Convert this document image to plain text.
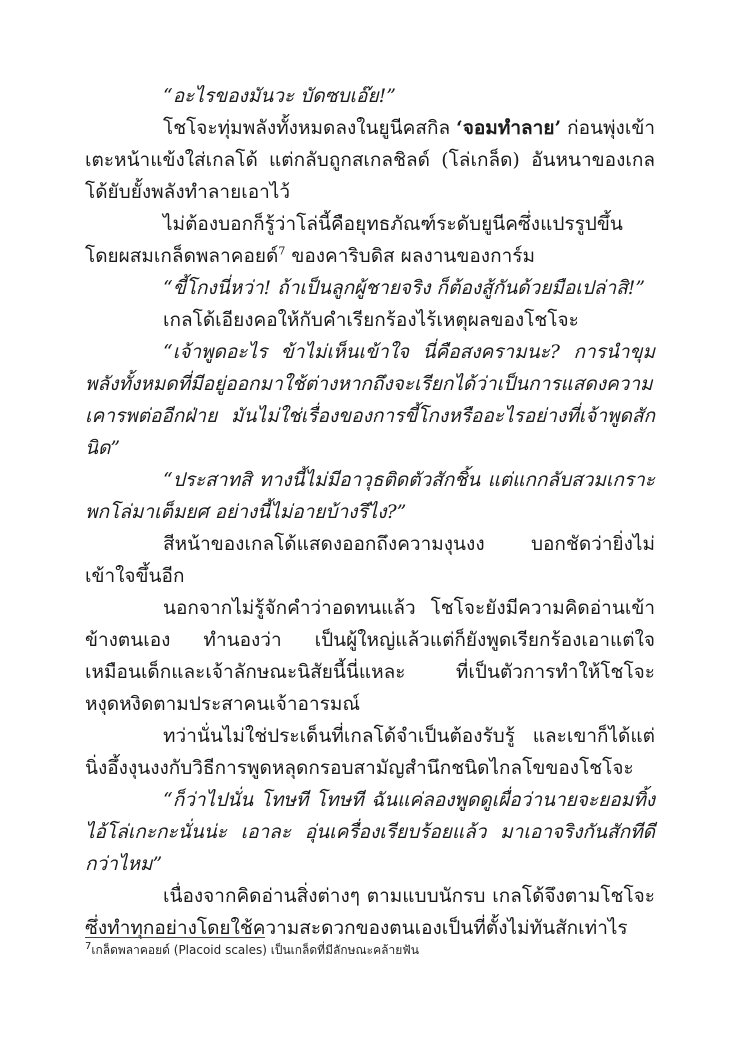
“อะไรของมันวะ บัดซบเอ๊ย!”

โชโจะทุ่มพลังทั้งหมดลงในยูนีคสกิล ‘จอมทำลาย’ ก่อนพุ่งเข้าเตะหน้าแข้งใส่เกลโด้ แต่กลับถูกสเกลชิลด์ (โล่เกล็ด) อันหนาของเกลโด้ยับยั้งพลังทำลายเอาไว้

ไม่ต้องบอกก็รู้ว่าโล่นี้คือยุทธภัณฑ์ระดับยูนีคซึ่งแปรรูปขึ้นโดยผสมเกล็ดพลาคอยด์$^7$ ของคาริบดิส ผลงานของการ์ม

“ขี้โกงนี่หว่า! ถ้าเป็นลูกผู้ชายจริง ก็ต้องสู้กันด้วยมือเปล่าสิ!”

เกลโด้เอียงคอให้กับคำเรียกร้องไร้เหตุผลของโชโจะ

“เจ้าพูดอะไร ข้าไม่เห็นเข้าใจ นี่คือสงครามนะ? การนำขุมพลังทั้งหมดที่มีอยู่ออกมาใช้ต่างหากถึงจะเรียกได้ว่าเป็นการแสดงความเคารพต่ออีกฝ่าย มันไม่ใช่เรื่องของการขี้โกงหรืออะไรอย่างที่เจ้าพูดสักนิด”

“ประสาทสิ ทางนี้ไม่มีอาวุธติดตัวสักชิ้น แต่แกกลับสวมเกราะพกโล่มาเต็มยศ อย่างนี้ไม่อายบ้างรึไง?”

สีหน้าของเกลโด้แสดงออกถึงความงุนงง บอกชัดว่ายิ่งไม่เข้าใจขึ้นอีก

นอกจากไม่รู้จักคำว่าอดทนแล้ว โชโจะยังมีความคิดอ่านเข้าข้างตนเอง ทำนองว่า เป็นผู้ใหญ่แล้วแต่ก็ยังพูดเรียกร้องเอาแต่ใจเหมือนเด็กและเจ้าลักษณะนิสัยนี้นี่แหละ ที่เป็นตัวการทำให้โชโจะหงุดหงิดตามประสาคนเจ้าอารมณ์

ทว่านั่นไม่ใช่ประเด็นที่เกลโด้จำเป็นต้องรับรู้ และเขาก็ได้แต่นิ่งอึ้งงุนงงกับวิธีการพูดหลุดกรอบสามัญสำนึกชนิดไกลโขของโชโจะ

“ก็ว่าไปนั่น โทษที โทษที ฉันแค่ลองพูดดูเผื่อว่านายจะยอมทิ้งไอ้โล่เกะกะนั่นน่ะ เอาละ อุ่นเครื่องเรียบร้อยแล้ว มาเอาจริงกันสักทีดีกว่าไหม”

เนื่องจากคิดอ่านสิ่งต่างๆ ตามแบบนักรบ เกลโด้จึงตามโชโจะซึ่งทำทุกอย่างโดยใช้ความสะดวกของตนเองเป็นที่ตั้งไม่ทันสักเท่าไร

$^7$เกล็ดพลาคอยด์ (Placoid scales) เป็นเกล็ดที่มีลักษณะคล้ายฟัน
